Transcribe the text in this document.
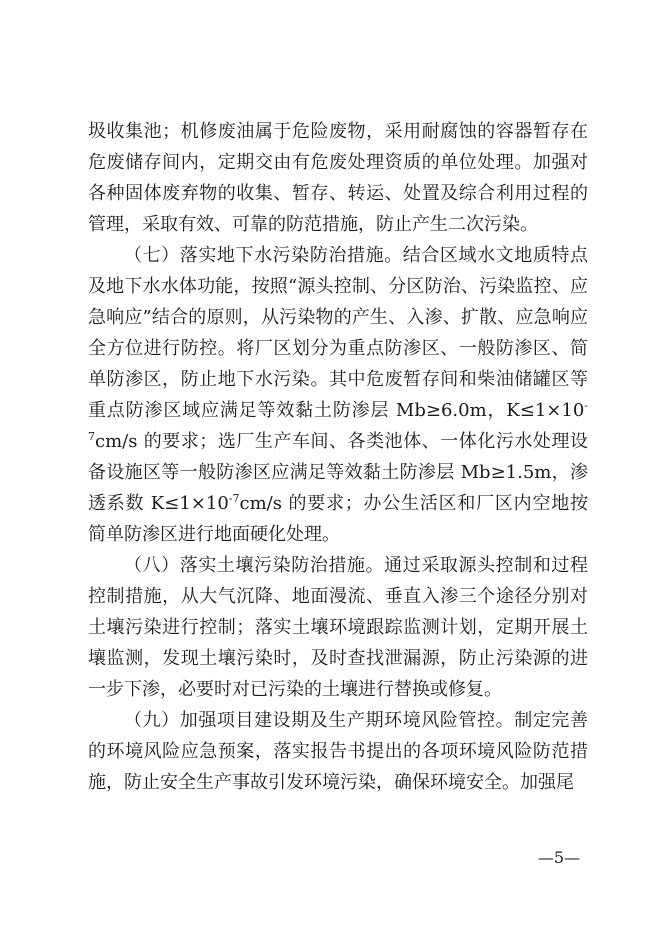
圾收集池；机修废油属于危险废物，采用耐腐蚀的容器暂存在危废储存间内，定期交由有危废处理资质的单位处理。加强对各种固体废弃物的收集、暂存、转运、处置及综合利用过程的管理，采取有效、可靠的防范措施，防止产生二次污染。

（七）落实地下水污染防治措施。结合区域水文地质特点及地下水水体功能，按照“源头控制、分区防治、污染监控、应急响应”结合的原则，从污染物的产生、入渗、扩散、应急响应全方位进行防控。将厂区划分为重点防渗区、一般防渗区、简单防渗区，防止地下水污染。其中危废暂存间和柴油储罐区等重点防渗区域应满足等效黏土防渗层 Mb≥6.0m，$K\le 1\times 10^{-7}cm/s$ 的要求；选厂生产车间、各类池体、一体化污水处理设备设施区等一般防渗区应满足等效黏土防渗层 Mb≥1.5m，渗透系数 $K\le 1\times 10^{-7}cm/s$ 的要求；办公生活区和厂区内空地按简单防渗区进行地面硬化处理。

（八）落实土壤污染防治措施。通过采取源头控制和过程控制措施，从大气沉降、地面漫流、垂直入渗三个途径分别对土壤污染进行控制；落实土壤环境跟踪监测计划，定期开展土壤监测，发现土壤污染时，及时查找泄漏源，防止污染源的进一步下渗，必要时对已污染的土壤进行替换或修复。

（九）加强项目建设期及生产期环境风险管控。制定完善的环境风险应急预案，落实报告书提出的各项环境风险防范措施，防止安全生产事故引发环境污染，确保环境安全。加强尾

—5—
